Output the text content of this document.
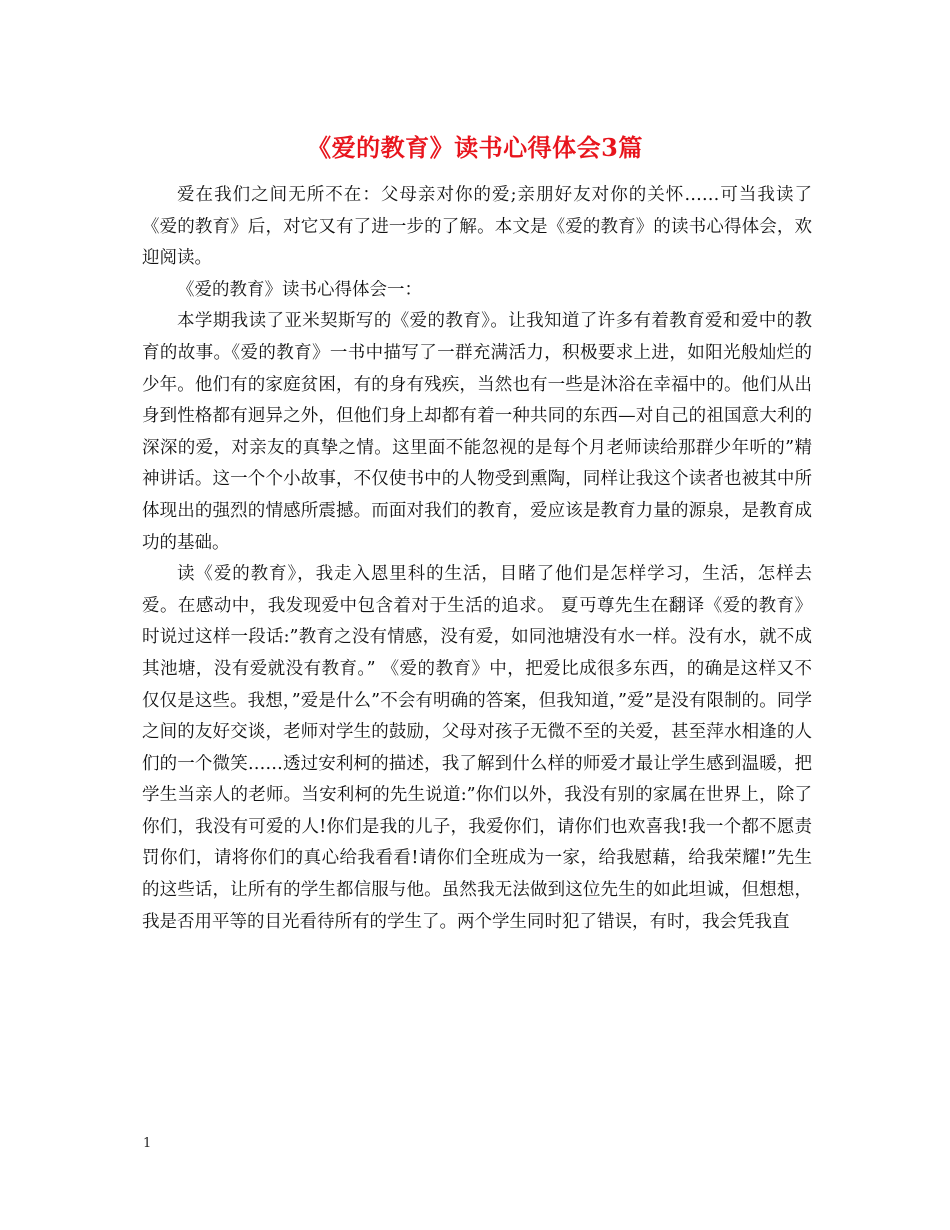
《爱的教育》读书心得体会3篇

爱在我们之间无所不在：父母亲对你的爱;亲朋好友对你的关怀……可当我读了《爱的教育》后，对它又有了进一步的了解。本文是《爱的教育》的读书心得体会，欢迎阅读。

《爱的教育》读书心得体会一：

本学期我读了亚米契斯写的《爱的教育》。让我知道了许多有着教育爱和爱中的教育的故事。《爱的教育》一书中描写了一群充满活力，积极要求上进，如阳光般灿烂的少年。他们有的家庭贫困，有的身有残疾，当然也有一些是沐浴在幸福中的。他们从出身到性格都有迥异之外，但他们身上却都有着一种共同的东西—对自己的祖国意大利的深深的爱，对亲友的真挚之情。这里面不能忽视的是每个月老师读给那群少年听的”精神讲话。这一个个小故事，不仅使书中的人物受到熏陶，同样让我这个读者也被其中所体现出的强烈的情感所震撼。而面对我们的教育，爱应该是教育力量的源泉，是教育成功的基础。

读《爱的教育》，我走入恩里科的生活，目睹了他们是怎样学习，生活，怎样去爱。在感动中，我发现爱中包含着对于生活的追求。 夏丏尊先生在翻译《爱的教育》时说过这样一段话:”教育之没有情感，没有爱，如同池塘没有水一样。没有水，就不成其池塘，没有爱就没有教育。” 《爱的教育》中，把爱比成很多东西，的确是这样又不仅仅是这些。我想，”爱是什么”不会有明确的答案，但我知道，”爱”是没有限制的。同学之间的友好交谈，老师对学生的鼓励，父母对孩子无微不至的关爱，甚至萍水相逢的人们的一个微笑……透过安利柯的描述，我了解到什么样的师爱才最让学生感到温暖，把学生当亲人的老师。当安利柯的先生说道:”你们以外，我没有别的家属在世界上，除了你们，我没有可爱的人!你们是我的儿子，我爱你们，请你们也欢喜我!我一个都不愿责罚你们，请将你们的真心给我看看!请你们全班成为一家，给我慰藉，给我荣耀!”先生的这些话，让所有的学生都信服与他。虽然我无法做到这位先生的如此坦诚，但想想，我是否用平等的目光看待所有的学生了。两个学生同时犯了错误，有时，我会凭我直

1
